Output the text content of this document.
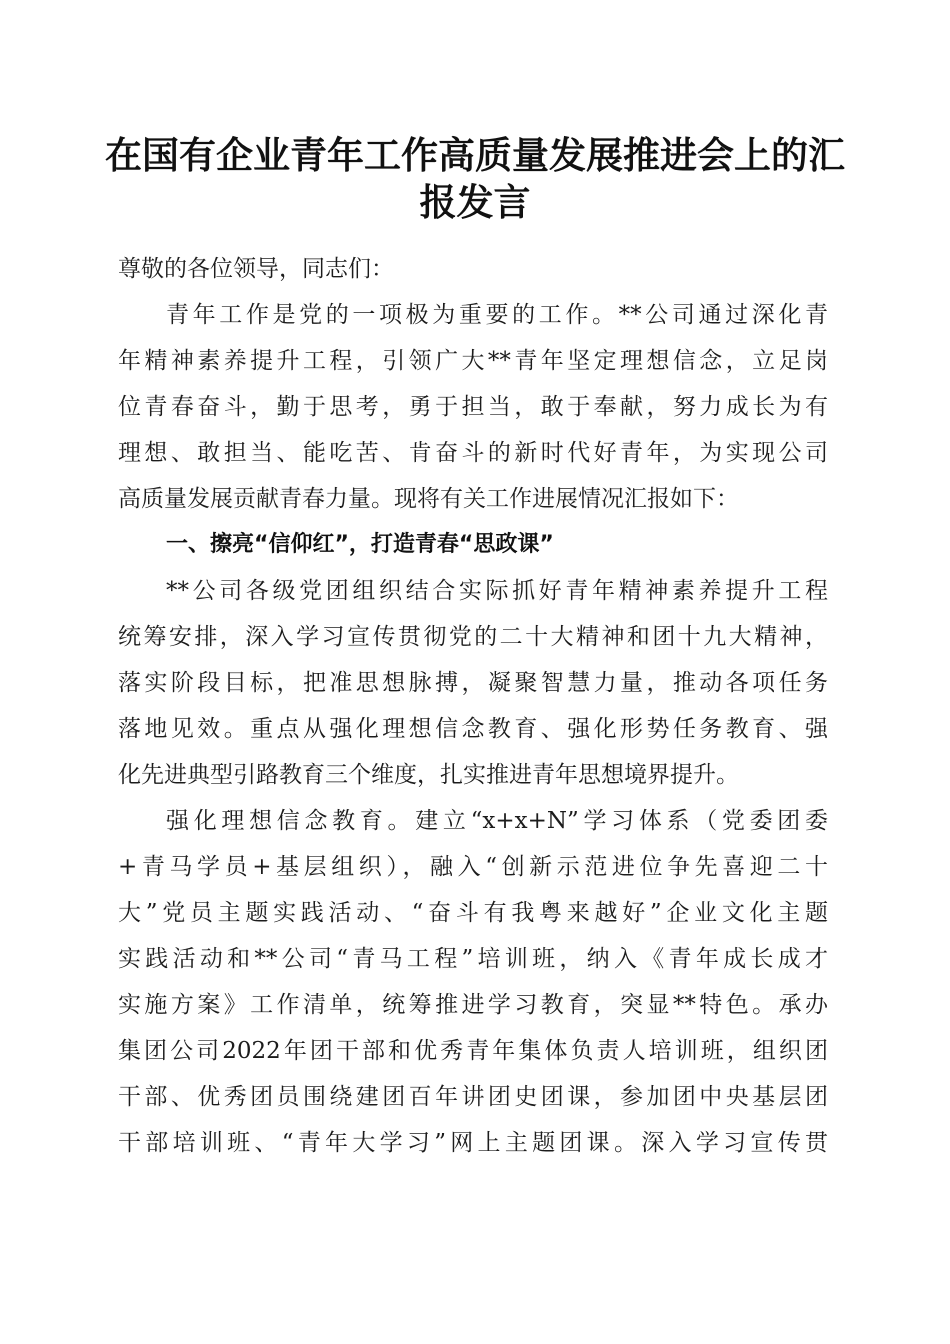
在国有企业青年工作高质量发展推进会上的汇
报发言

尊敬的各位领导，同志们：

青年工作是党的一项极为重要的工作。**公司通过深化青
年精神素养提升工程，引领广大**青年坚定理想信念，立足岗
位青春奋斗，勤于思考，勇于担当，敢于奉献，努力成长为有
理想、敢担当、能吃苦、肯奋斗的新时代好青年，为实现公司
高质量发展贡献青春力量。现将有关工作进展情况汇报如下：

一、擦亮“信仰红”，打造青春“思政课”

**公司各级党团组织结合实际抓好青年精神素养提升工程
统筹安排，深入学习宣传贯彻党的二十大精神和团十九大精神，
落实阶段目标，把准思想脉搏，凝聚智慧力量，推动各项任务
落地见效。重点从强化理想信念教育、强化形势任务教育、强
化先进典型引路教育三个维度，扎实推进青年思想境界提升。

强化理想信念教育。建立“x+x+N”学习体系（党委团委
+青马学员+基层组织），融入“创新示范进位争先喜迎二十
大”党员主题实践活动、“奋斗有我粤来越好”企业文化主题
实践活动和**公司“青马工程”培训班，纳入《青年成长成才
实施方案》工作清单，统筹推进学习教育，突显**特色。承办
集团公司2022年团干部和优秀青年集体负责人培训班，组织团
干部、优秀团员围绕建团百年讲团史团课，参加团中央基层团
干部培训班、“青年大学习”网上主题团课。深入学习宣传贯
